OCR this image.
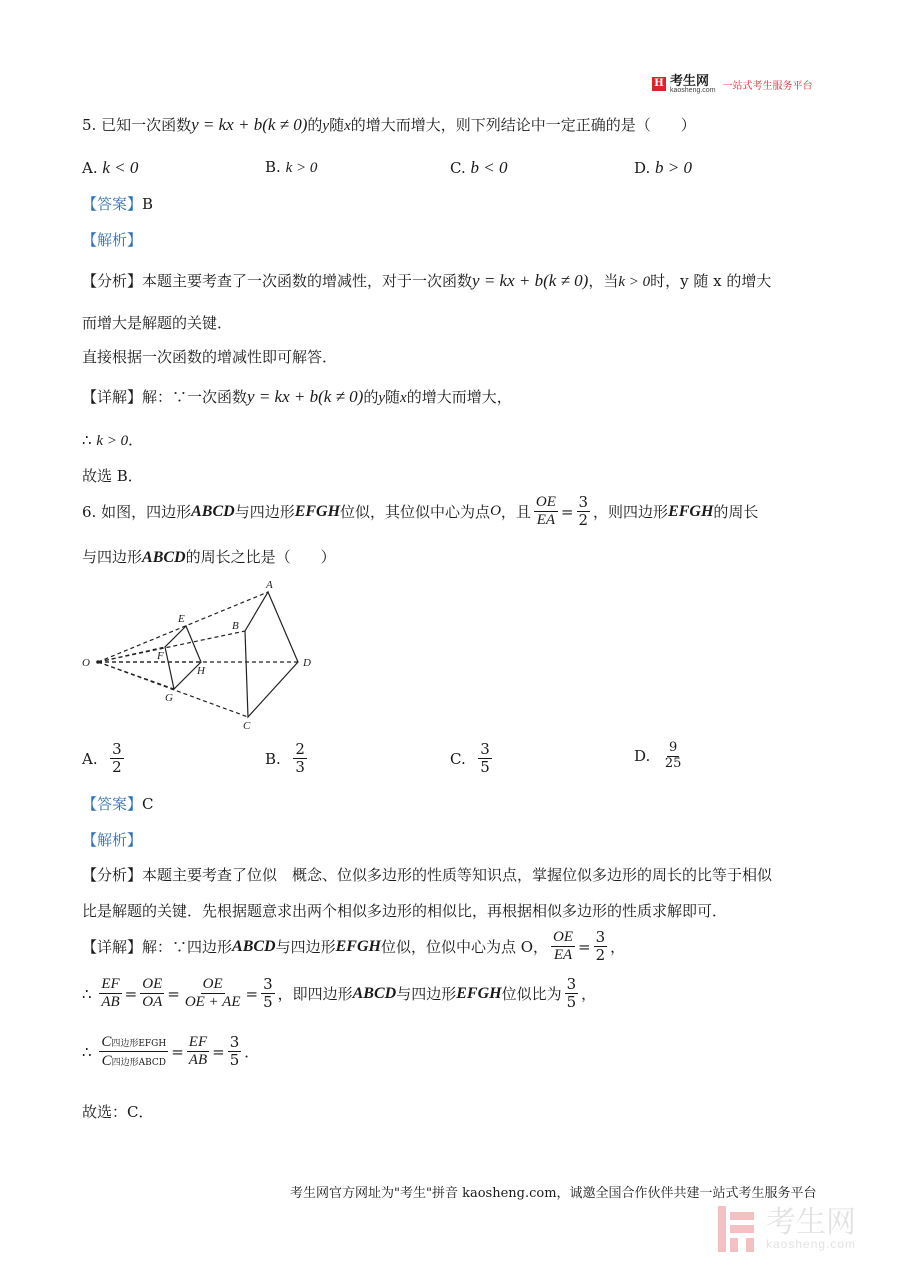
H 考生网
kaosheng.com 一站式考生服务平台
5. 已知一次函数y = kx + b(k ≠ 0)的y随x的增大而增大，则下列结论中一定正确的是（　　）
A. k < 0	B. k > 0	C. b < 0	D. b > 0
【答案】B
【解析】
【分析】本题主要考查了一次函数的增减性，对于一次函数y = kx + b(k ≠ 0)，当k > 0时，y 随 x 的增大
而增大是解题的关键．
直接根据一次函数的增减性即可解答．
【详解】解：∵一次函数y = kx + b(k ≠ 0)的y随x的增大而增大，
∴ k > 0．
故选 B．
6.
如图，四边形 ABCD 与四边形 EFGH 位似，其位似中心为点 O ，且 $\frac{OE}{EA} = \frac{3}{2}$ ，则四边形 EFGH 的周长
与四边形ABCD的周长之比是（　　）
A
B
C
D
E
F
G
H
O
A.
$\frac{3}{2}$	B.
$\frac{2}{3}$	C.
$\frac{3}{5}$	D.
$\frac{9}{25}$
【答案】C
【解析】
【分析】本题主要考查了位似　概念、位似多边形的性质等知识点，掌握位似多边形的周长的比等于相似
比是解题的关键．先根据题意求出两个相似多边形的相似比，再根据相似多边形的性质求解即可．
【详解】 解：∵四边形 ABCD 与四边形 EFGH 位似，位似中心为点 O， $\frac{OE}{EA} = \frac{3}{2}$ ，
∴
$\frac{EF}{AB} = \frac{OE}{OA} = \frac{OE}{OE + AE} = \frac{3}{5}$ ，即四边形 ABCD 与四边形 EFGH 位似比为 $\frac{3}{5}$ ，
∴
$\frac{\text{C四边形EFGH}}{\text{C四边形ABCD}} = \frac{EF}{AB} = \frac{3}{5}$ ．
故选：C．
考生网官方网址为"考生"拼音 kaosheng.com，诚邀全国合作伙伴共建一站式考生服务平台
考生网
kaosheng.com
